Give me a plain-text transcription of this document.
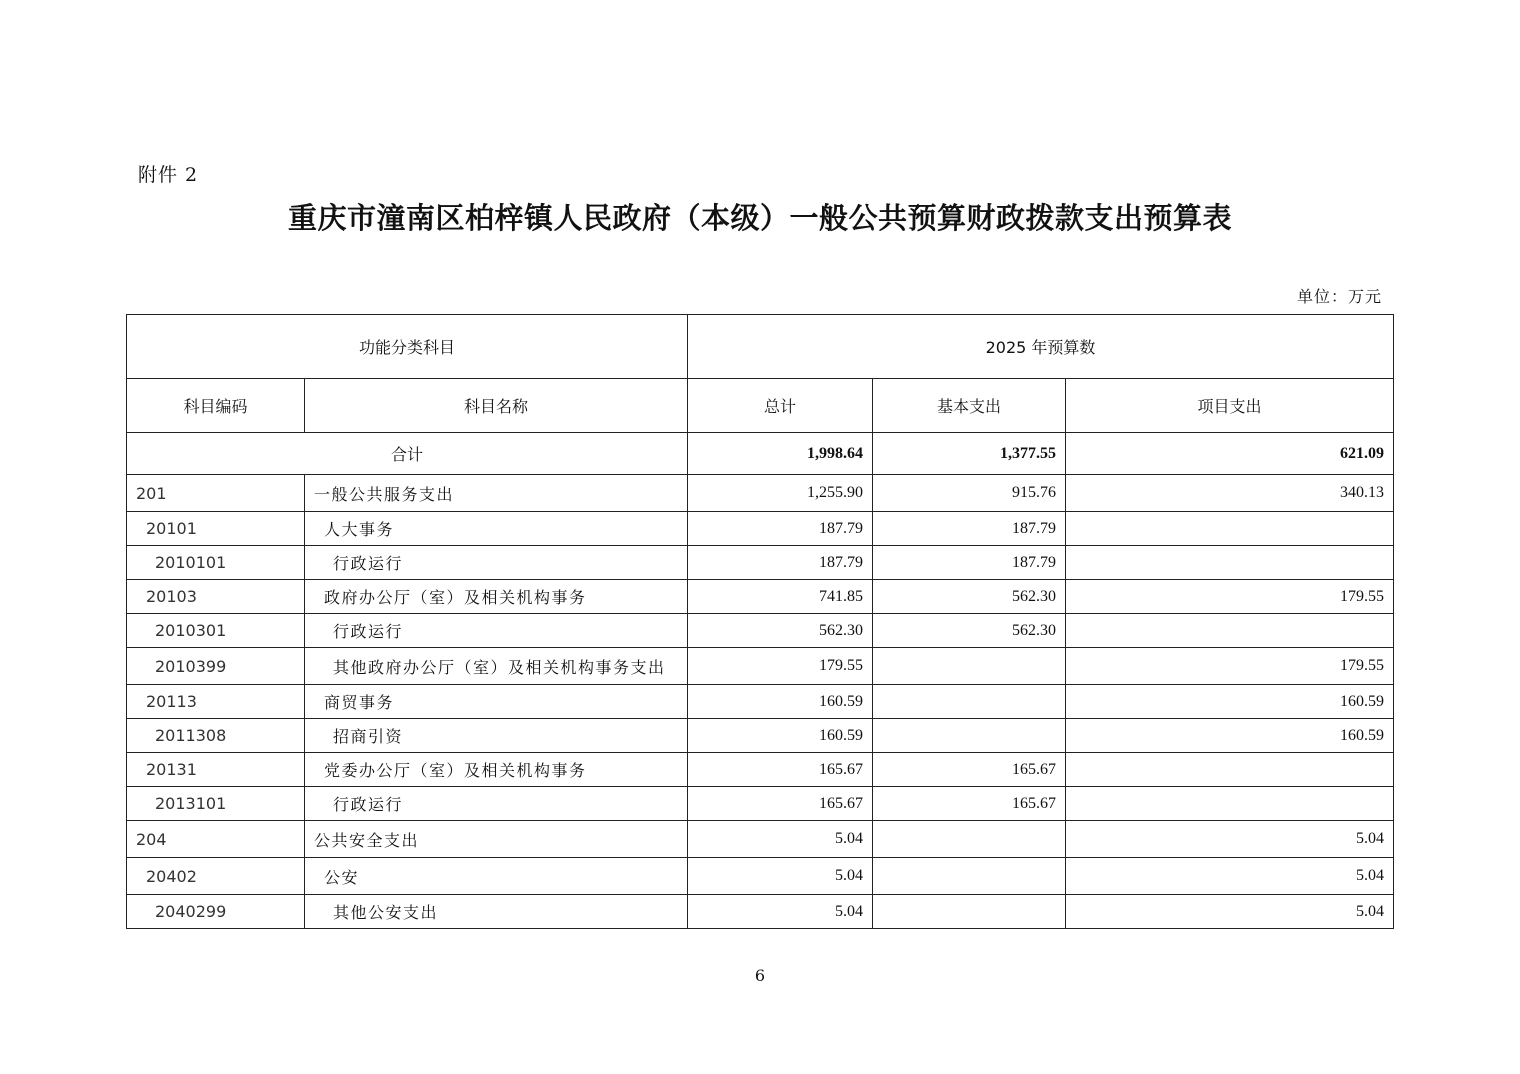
附件 2
重庆市潼南区柏梓镇人民政府（本级）一般公共预算财政拨款支出预算表
单位：万元
功能分类科目		2025 年预算数		
科目编码	科目名称	总计	基本支出	项目支出
合计		1,998.64	1,377.55	621.09
201	一般公共服务支出	1,255.90	915.76	340.13
20101	人大事务	187.79	187.79	
2010101	行政运行	187.79	187.79	
20103	政府办公厅（室）及相关机构事务	741.85	562.30	179.55
2010301	行政运行	562.30	562.30	
2010399	其他政府办公厅（室）及相关机构事务支出	179.55		179.55
20113	商贸事务	160.59		160.59
2011308	招商引资	160.59		160.59
20131	党委办公厅（室）及相关机构事务	165.67	165.67	
2013101	行政运行	165.67	165.67	
204	公共安全支出	5.04		5.04
20402	公安	5.04		5.04
2040299	其他公安支出	5.04		5.04
6
